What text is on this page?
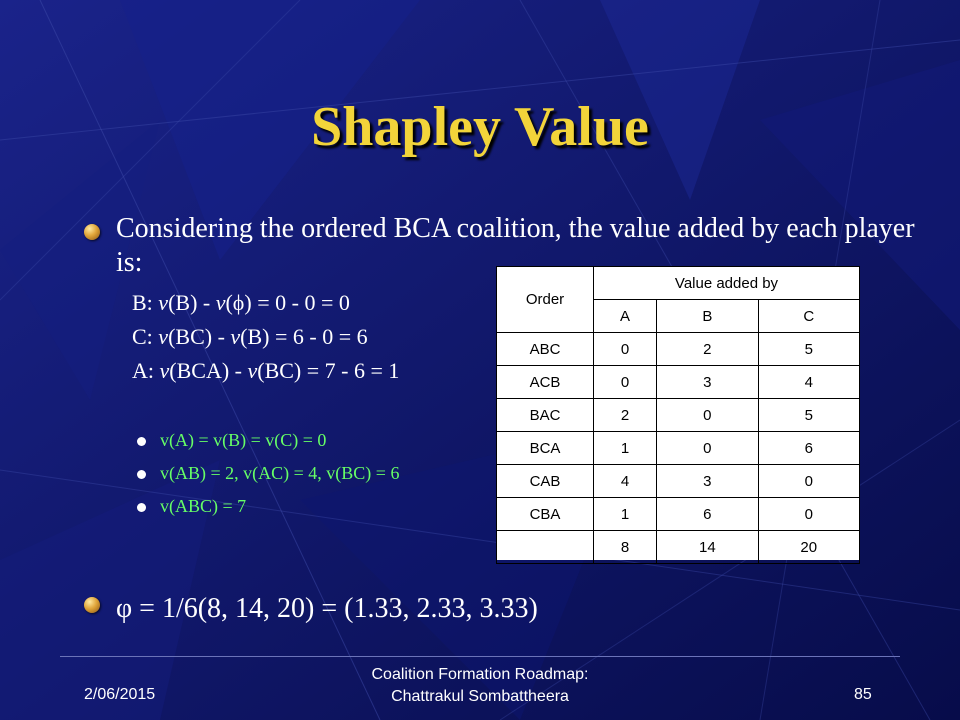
Shapley Value
Considering the ordered BCA coalition, the value added by each player is:
B: v(B) - v(ϕ) = 0 - 0 = 0
C: v(BC) - v(B) = 6 - 0 = 6
A: v(BCA) - v(BC) = 7 - 6 = 1
v(A) = v(B) = v(C) = 0
v(AB) = 2, v(AC) = 4, v(BC) = 6
v(ABC) = 7
Order	Value added by		
	A	B	C
ABC	0	2	5
ACB	0	3	4
BAC	2	0	5
BCA	1	0	6
CAB	4	3	0
CBA	1	6	0
	8	14	20
φ = 1/6(8, 14, 20) = (1.33, 2.33, 3.33)
2/06/2015
Coalition Formation Roadmap:
Chattrakul Sombattheera	85
